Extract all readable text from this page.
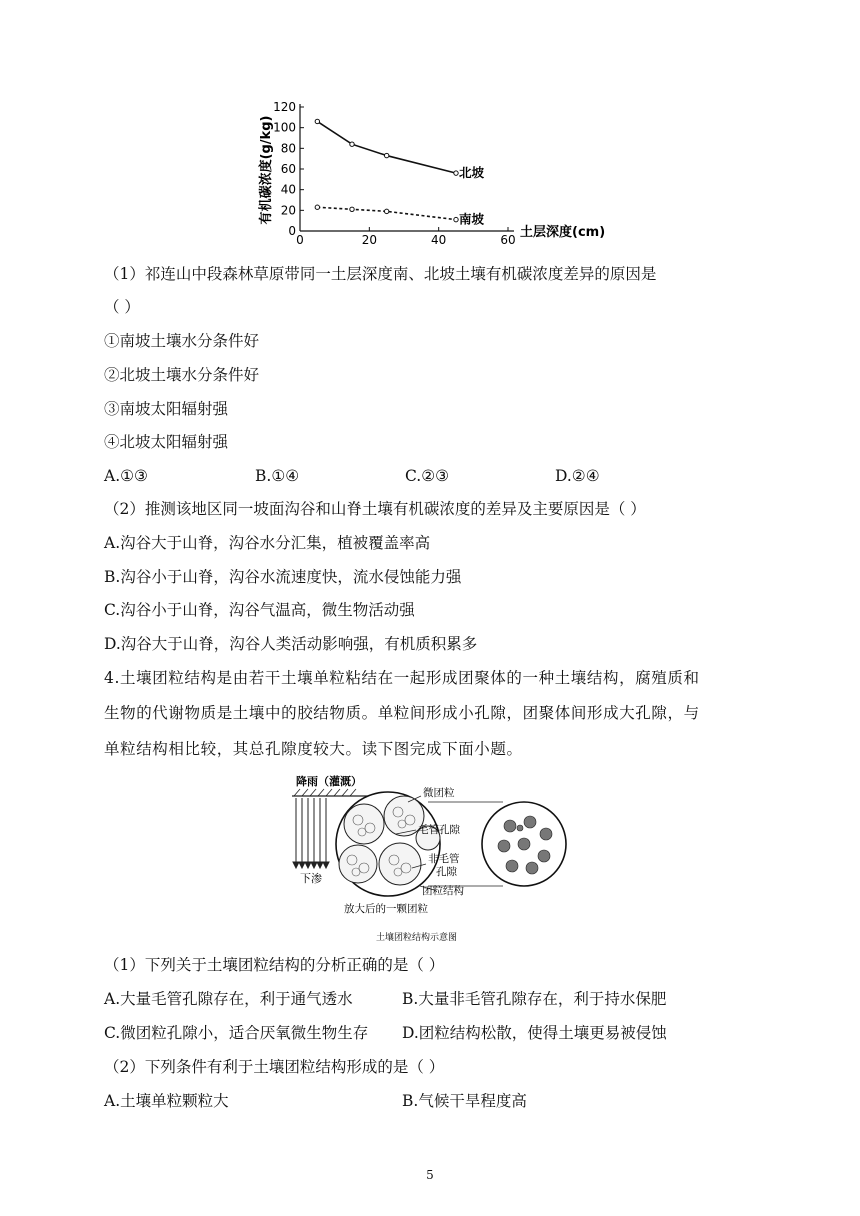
0
20
40
60
80
100
120
0	20	40	60
有机碳浓度(g/kg)
土层深度(cm)
北坡
南坡
（1）祁连山中段森林草原带同一土层深度南、北坡土壤有机碳浓度差异的原因是
（ ）
①南坡土壤水分条件好
②北坡土壤水分条件好
③南坡太阳辐射强
④北坡太阳辐射强
A.①③	B.①④	C.②③	D.②④
（2）推测该地区同一坡面沟谷和山脊土壤有机碳浓度的差异及主要原因是（ ）
A.沟谷大于山脊，沟谷水分汇集，植被覆盖率高
B.沟谷小于山脊，沟谷水流速度快，流水侵蚀能力强
C.沟谷小于山脊，沟谷气温高，微生物活动强
D.沟谷大于山脊，沟谷人类活动影响强，有机质积累多
4.土壤团粒结构是由若干土壤单粒粘结在一起形成团聚体的一种土壤结构，腐殖质和
生物的代谢物质是土壤中的胶结物质。单粒间形成小孔隙，团聚体间形成大孔隙，与
单粒结构相比较，其总孔隙度较大。读下图完成下面小题。
降雨（灌溉）
下渗
微团粒
毛管孔隙
非毛管
孔隙
团粒结构
放大后的一颗团粒
土壤团粒结构示意图
（1）下列关于土壤团粒结构的分析正确的是（ ）
A.大量毛管孔隙存在，利于通气透水	B.大量非毛管孔隙存在，利于持水保肥
C.微团粒孔隙小，适合厌氧微生物生存 D.团粒结构松散，使得土壤更易被侵蚀
（2）下列条件有利于土壤团粒结构形成的是（ ）
A.土壤单粒颗粒大	B.气候干旱程度高
5
